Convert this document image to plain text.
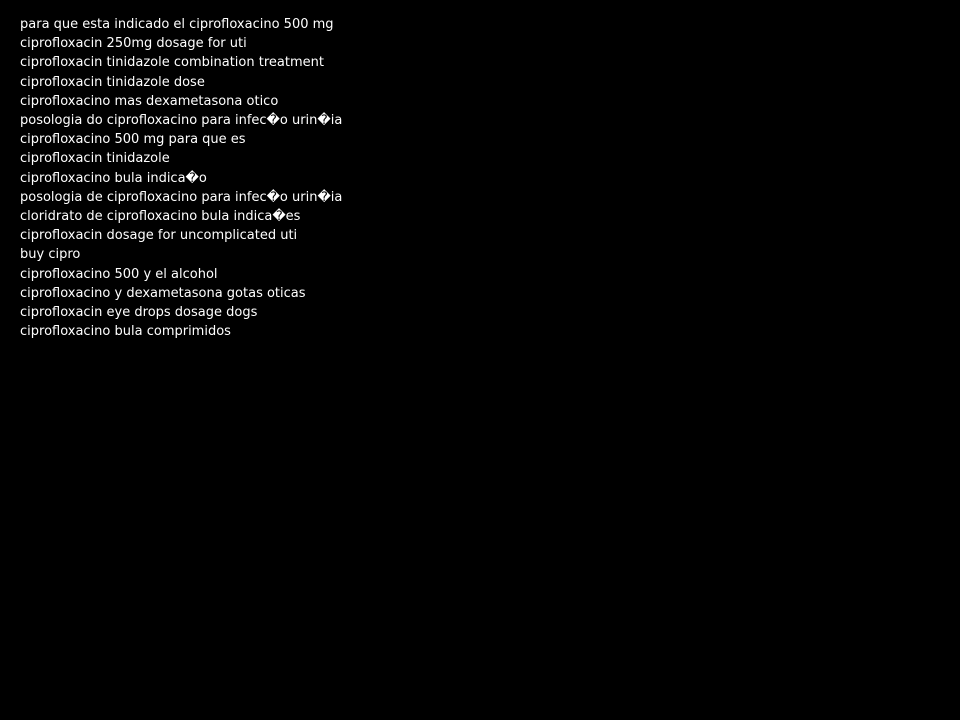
para que esta indicado el ciprofloxacino 500 mg
ciprofloxacin 250mg dosage for uti
ciprofloxacin tinidazole combination treatment
ciprofloxacin tinidazole dose
ciprofloxacino mas dexametasona otico
posologia do ciprofloxacino para infec�o urin�ia
ciprofloxacino 500 mg para que es
ciprofloxacin tinidazole
ciprofloxacino bula indica�o
posologia de ciprofloxacino para infec�o urin�ia
cloridrato de ciprofloxacino bula indica�es
ciprofloxacin dosage for uncomplicated uti
buy cipro
ciprofloxacino 500 y el alcohol
ciprofloxacino y dexametasona gotas oticas
ciprofloxacin eye drops dosage dogs
ciprofloxacino bula comprimidos
